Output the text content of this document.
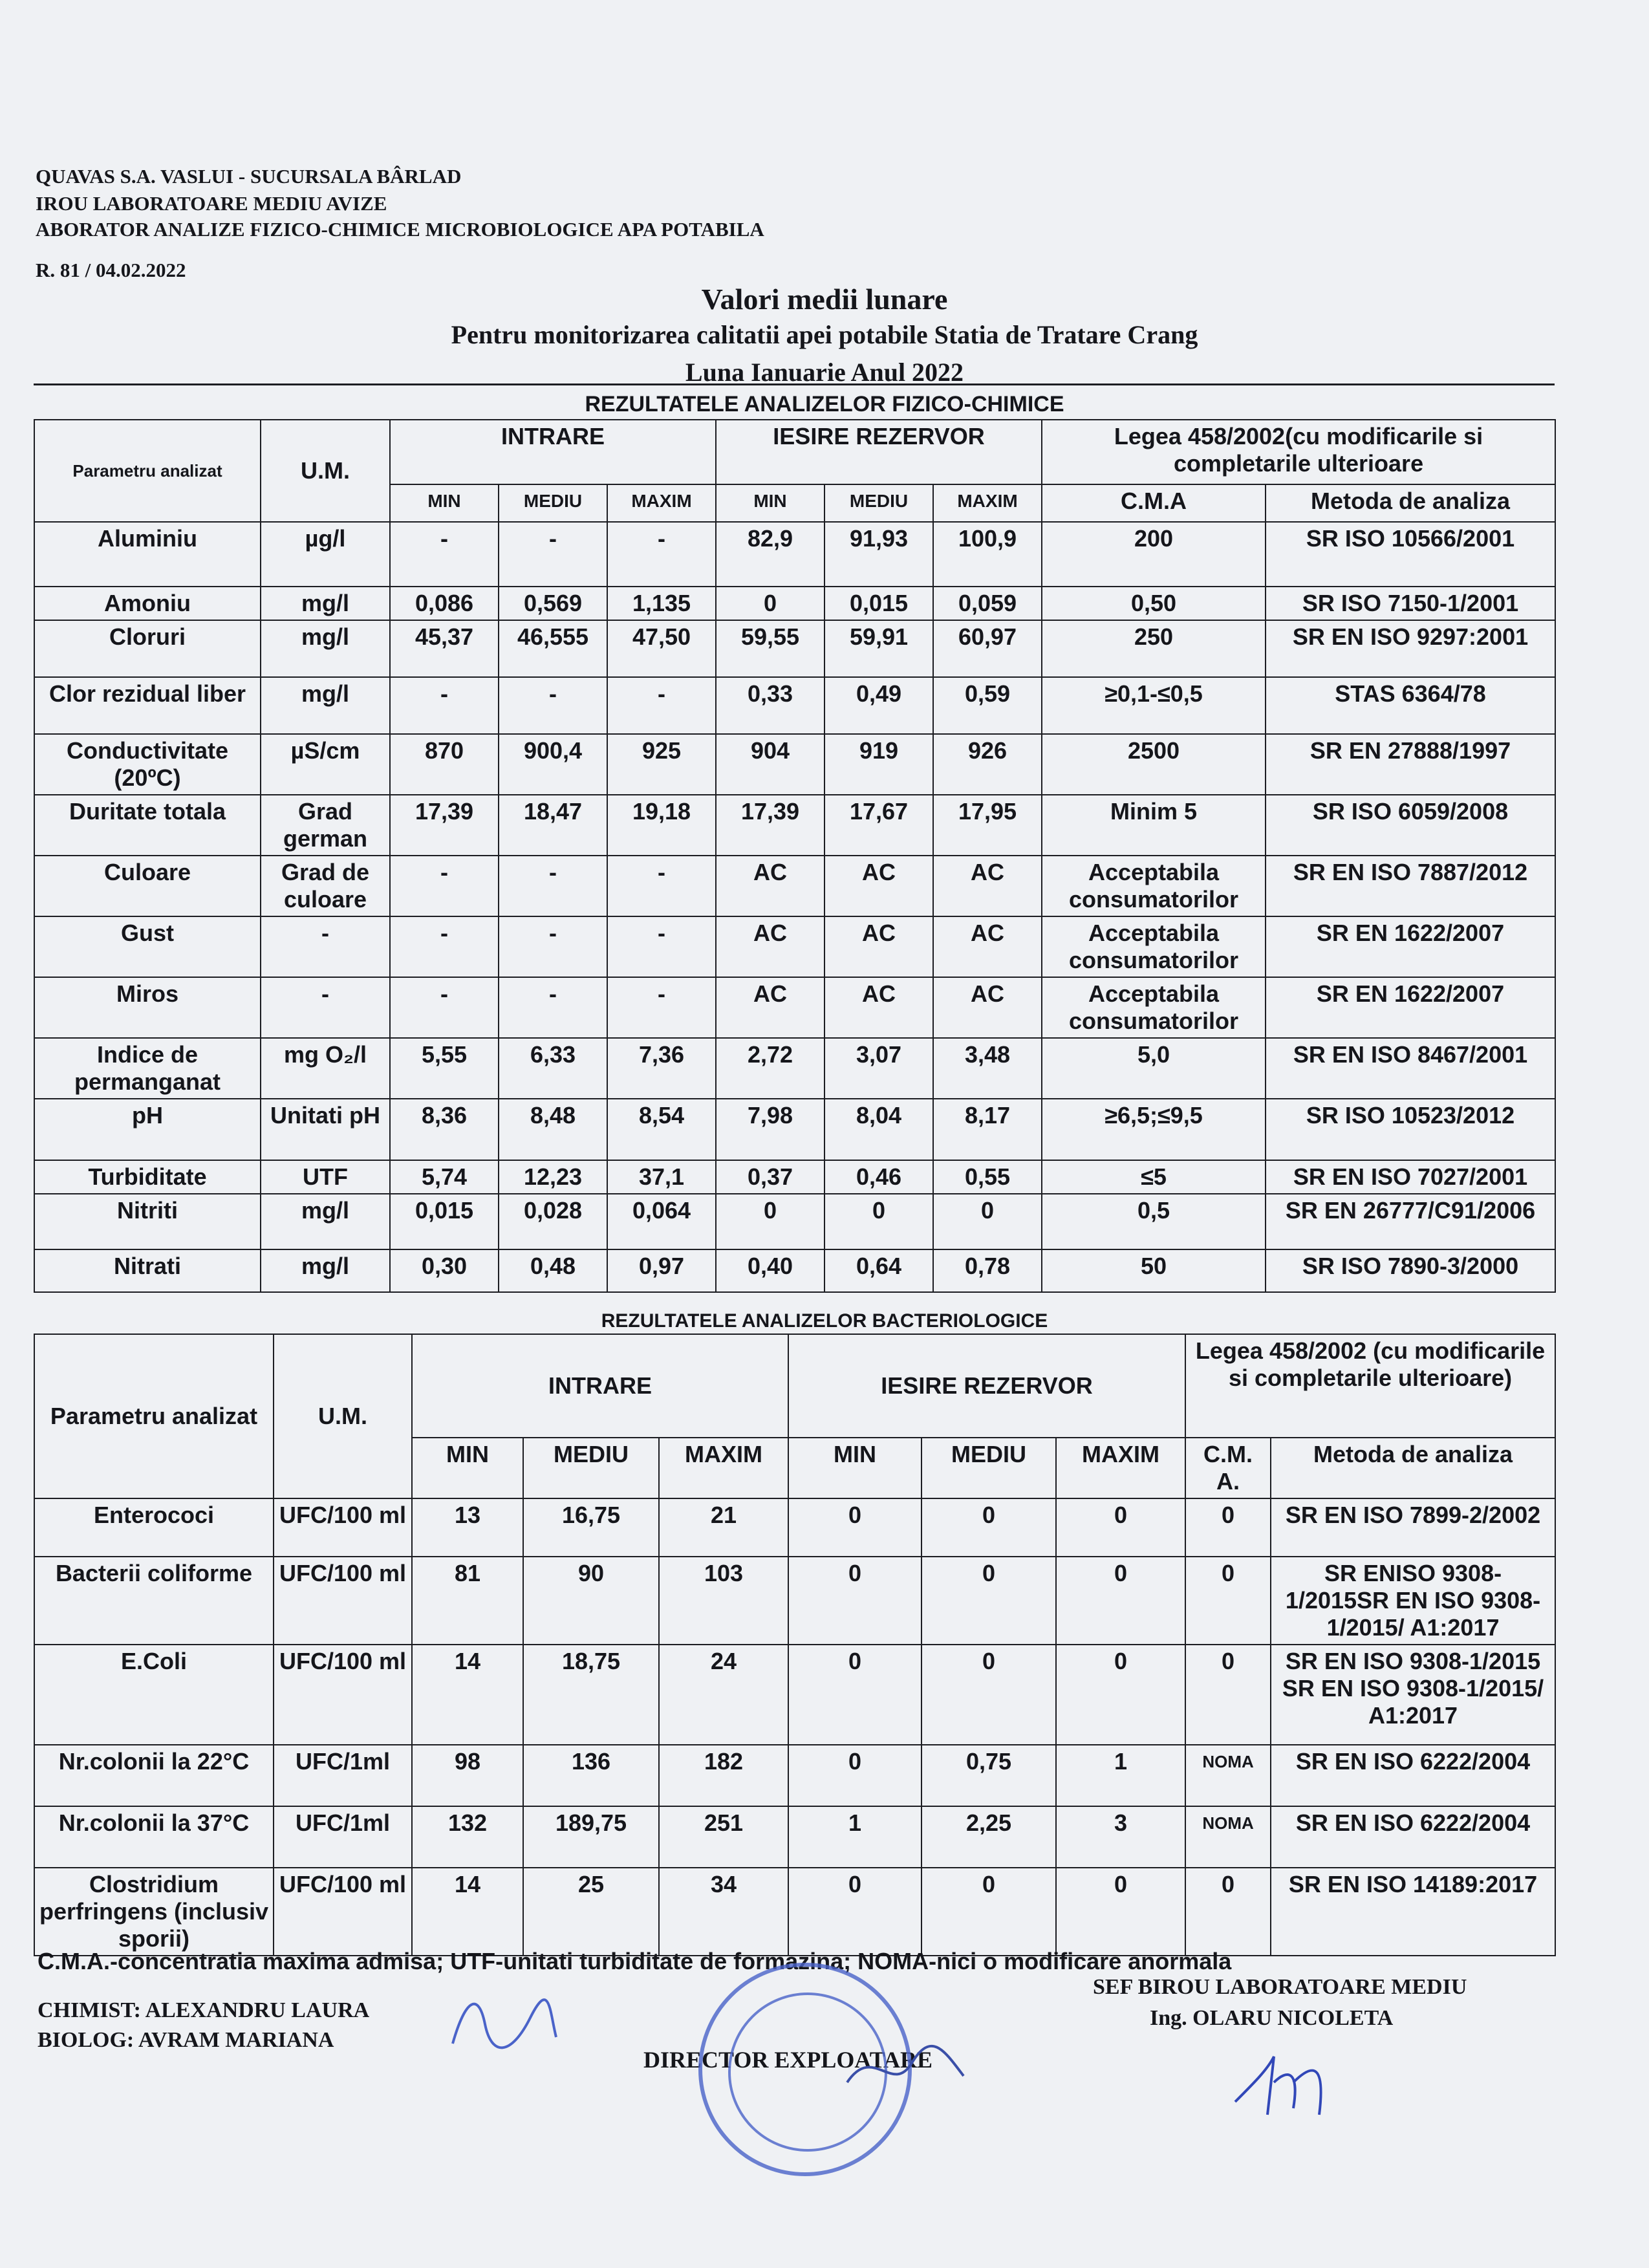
QUAVAS S.A. VASLUI - SUCURSALA BÂRLAD
IROU LABORATOARE MEDIU AVIZE
ABORATOR ANALIZE FIZICO-CHIMICE MICROBIOLOGICE APA POTABILA
R. 81 / 04.02.2022
Valori medii lunare
Pentru monitorizarea calitatii apei potabile Statia de Tratare Crang
Luna Ianuarie Anul 2022
REZULTATELE ANALIZELOR FIZICO-CHIMICE
Parametru analizat	U.M.	INTRARE			IESIRE REZERVOR			Legea 458/2002(cu modificarile si completarile ulterioare	
		MIN	MEDIU	MAXIM	MIN	MEDIU	MAXIM	C.M.A	Metoda de analiza
Aluminiu	µg/l	-	-	-	82,9	91,93	100,9	200	SR ISO 10566/2001
Amoniu	mg/l	0,086	0,569	1,135	0	0,015	0,059	0,50	SR ISO 7150-1/2001
Cloruri	mg/l	45,37	46,555	47,50	59,55	59,91	60,97	250	SR EN ISO 9297:2001
Clor rezidual liber	mg/l	-	-	-	0,33	0,49	0,59	≥0,1-≤0,5	STAS 6364/78
Conductivitate (20ºC)	µS/cm	870	900,4	925	904	919	926	2500	SR EN 27888/1997
Duritate totala	Grad german	17,39	18,47	19,18	17,39	17,67	17,95	Minim 5	SR ISO 6059/2008
Culoare	Grad de culoare	-	-	-	AC	AC	AC	Acceptabila consumatorilor	SR EN ISO 7887/2012
Gust	-	-	-	-	AC	AC	AC	Acceptabila consumatorilor	SR EN 1622/2007
Miros	-	-	-	-	AC	AC	AC	Acceptabila consumatorilor	SR EN 1622/2007
Indice de permanganat	mg O₂/l	5,55	6,33	7,36	2,72	3,07	3,48	5,0	SR EN ISO 8467/2001
pH	Unitati pH	8,36	8,48	8,54	7,98	8,04	8,17	≥6,5;≤9,5	SR ISO 10523/2012
Turbiditate	UTF	5,74	12,23	37,1	0,37	0,46	0,55	≤5	SR EN ISO 7027/2001
Nitriti	mg/l	0,015	0,028	0,064	0	0	0	0,5	SR EN 26777/C91/2006
Nitrati	mg/l	0,30	0,48	0,97	0,40	0,64	0,78	50	SR ISO 7890-3/2000
REZULTATELE ANALIZELOR BACTERIOLOGICE
Parametru analizat	U.M.	INTRARE			IESIRE REZERVOR			Legea 458/2002 (cu modificarile si completarile ulterioare)	
		MIN	MEDIU	MAXIM	MIN	MEDIU	MAXIM	C.M. A.	Metoda de analiza
Enterococi	UFC/100 ml	13	16,75	21	0	0	0	0	SR EN ISO 7899-2/2002
Bacterii coliforme	UFC/100 ml	81	90	103	0	0	0	0	SR ENISO 9308-1/2015SR EN ISO 9308-1/2015/ A1:2017
E.Coli	UFC/100 ml	14	18,75	24	0	0	0	0	SR EN ISO 9308-1/2015 SR EN ISO 9308-1/2015/ A1:2017
Nr.colonii la 22°C	UFC/1ml	98	136	182	0	0,75	1	NOMA	SR EN ISO 6222/2004
Nr.colonii la 37°C	UFC/1ml	132	189,75	251	1	2,25	3	NOMA	SR EN ISO 6222/2004
Clostridium perfringens (inclusiv sporii)	UFC/100 ml	14	25	34	0	0	0	0	SR EN ISO 14189:2017
C.M.A.-concentratia maxima admisa; UTF-unitati turbiditate de formazina; NOMA-nici o modificare anormala
CHIMIST: ALEXANDRU LAURA
BIOLOG: AVRAM MARIANA
SEF BIROU LABORATOARE MEDIU
Ing. OLARU NICOLETA
DIRECTOR EXPLOATARE
